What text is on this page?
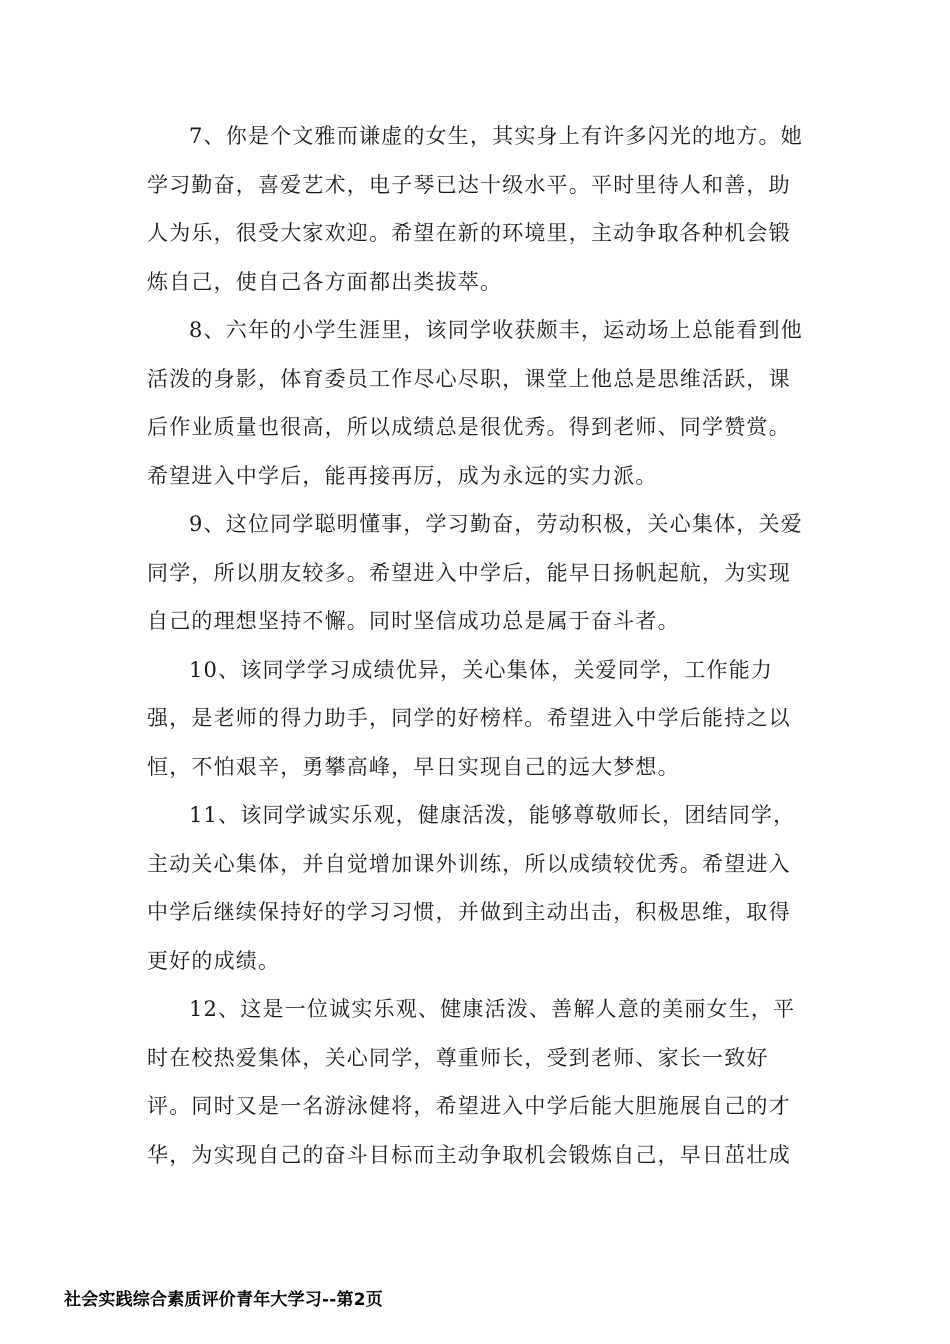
7、你是个文雅而谦虚的女生，其实身上有许多闪光的地方。她
学习勤奋，喜爱艺术，电子琴已达十级水平。平时里待人和善，助
人为乐，很受大家欢迎。希望在新的环境里，主动争取各种机会锻
炼自己，使自己各方面都出类拔萃。
8、六年的小学生涯里，该同学收获颇丰，运动场上总能看到他
活泼的身影，体育委员工作尽心尽职，课堂上他总是思维活跃，课
后作业质量也很高，所以成绩总是很优秀。得到老师、同学赞赏。
希望进入中学后，能再接再厉，成为永远的实力派。
9、这位同学聪明懂事，学习勤奋，劳动积极，关心集体，关爱
同学，所以朋友较多。希望进入中学后，能早日扬帆起航，为实现
自己的理想坚持不懈。同时坚信成功总是属于奋斗者。
10、该同学学习成绩优异，关心集体，关爱同学，工作能力
强，是老师的得力助手，同学的好榜样。希望进入中学后能持之以
恒，不怕艰辛，勇攀高峰，早日实现自己的远大梦想。
11、该同学诚实乐观，健康活泼，能够尊敬师长，团结同学，
主动关心集体，并自觉增加课外训练，所以成绩较优秀。希望进入
中学后继续保持好的学习习惯，并做到主动出击，积极思维，取得
更好的成绩。
12、这是一位诚实乐观、健康活泼、善解人意的美丽女生，平
时在校热爱集体，关心同学，尊重师长，受到老师、家长一致好
评。同时又是一名游泳健将，希望进入中学后能大胆施展自己的才
华，为实现自己的奋斗目标而主动争取机会锻炼自己，早日茁壮成
社会实践综合素质评价青年大学习--第2页
